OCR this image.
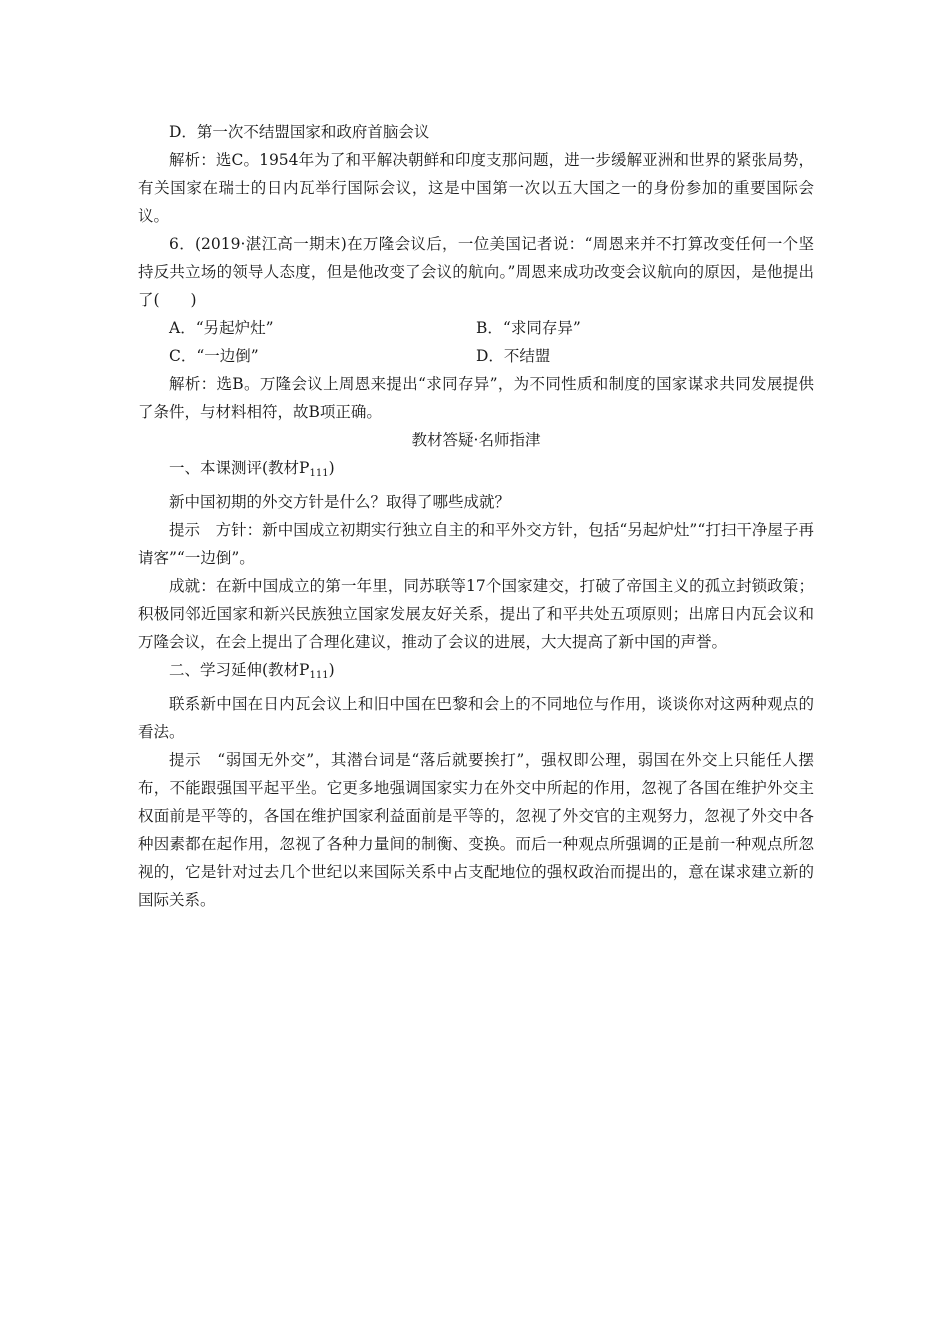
D．第一次不结盟国家和政府首脑会议

解析：选C。1954年为了和平解决朝鲜和印度支那问题，进一步缓解亚洲和世界的紧张局势，有关国家在瑞士的日内瓦举行国际会议，这是中国第一次以五大国之一的身份参加的重要国际会议。

6．(2019·湛江高一期末)在万隆会议后，一位美国记者说：“周恩来并不打算改变任何一个坚持反共立场的领导人态度，但是他改变了会议的航向。”周恩来成功改变会议航向的原因，是他提出了(　　)

A．“另起炉灶”	B．“求同存异”
C．“一边倒”	D．不结盟

解析：选B。万隆会议上周恩来提出“求同存异”，为不同性质和制度的国家谋求共同发展提供了条件，与材料相符，故B项正确。

教材答疑·名师指津

一、本课测评(教材$P_{111}$)

新中国初期的外交方针是什么？取得了哪些成就？

提示　方针：新中国成立初期实行独立自主的和平外交方针，包括“另起炉灶”“打扫干净屋子再请客”“一边倒”。

成就：在新中国成立的第一年里，同苏联等17个国家建交，打破了帝国主义的孤立封锁政策；积极同邻近国家和新兴民族独立国家发展友好关系，提出了和平共处五项原则；出席日内瓦会议和万隆会议，在会上提出了合理化建议，推动了会议的进展，大大提高了新中国的声誉。

二、学习延伸(教材$P_{111}$)

联系新中国在日内瓦会议上和旧中国在巴黎和会上的不同地位与作用，谈谈你对这两种观点的看法。

提示　“弱国无外交”，其潜台词是“落后就要挨打”，强权即公理，弱国在外交上只能任人摆布，不能跟强国平起平坐。它更多地强调国家实力在外交中所起的作用，忽视了各国在维护外交主权面前是平等的，各国在维护国家利益面前是平等的，忽视了外交官的主观努力，忽视了外交中各种因素都在起作用，忽视了各种力量间的制衡、变换。而后一种观点所强调的正是前一种观点所忽视的，它是针对过去几个世纪以来国际关系中占支配地位的强权政治而提出的，意在谋求建立新的国际关系。
